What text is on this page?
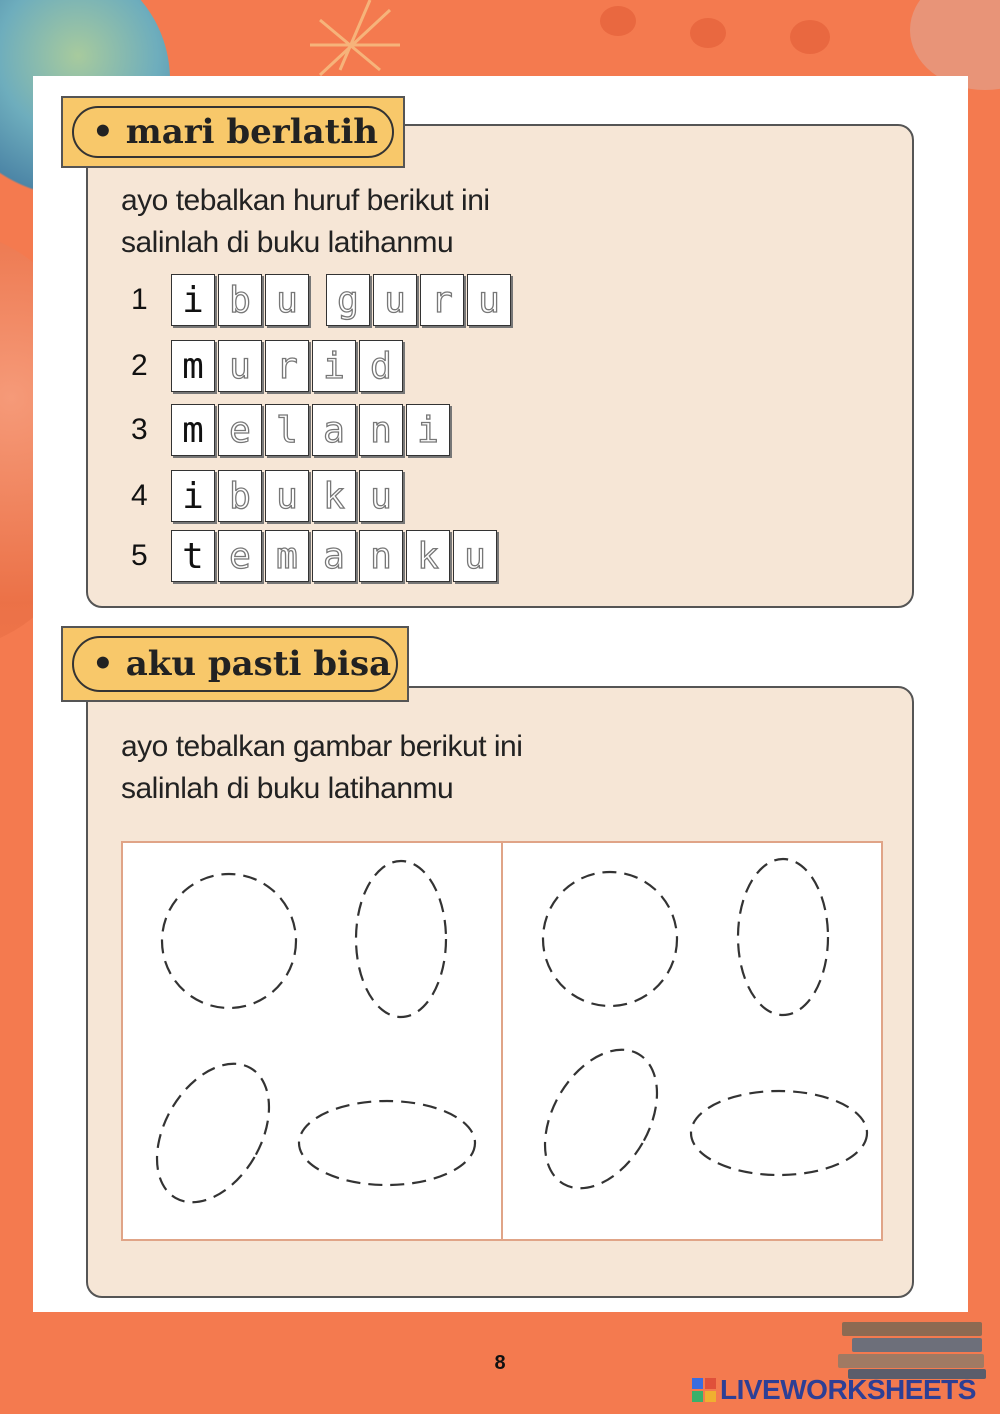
• mari berlatih
ayo tebalkan huruf berikut ini
salinlah di buku latihanmu
1 i b u	g u r u
2 m u r i d
3 m e l a n i
4 i b u k u
5 t e m a n k u
• aku pasti bisa
ayo tebalkan gambar berikut ini
salinlah di buku latihanmu
8
LIVEWORKSHEETS
